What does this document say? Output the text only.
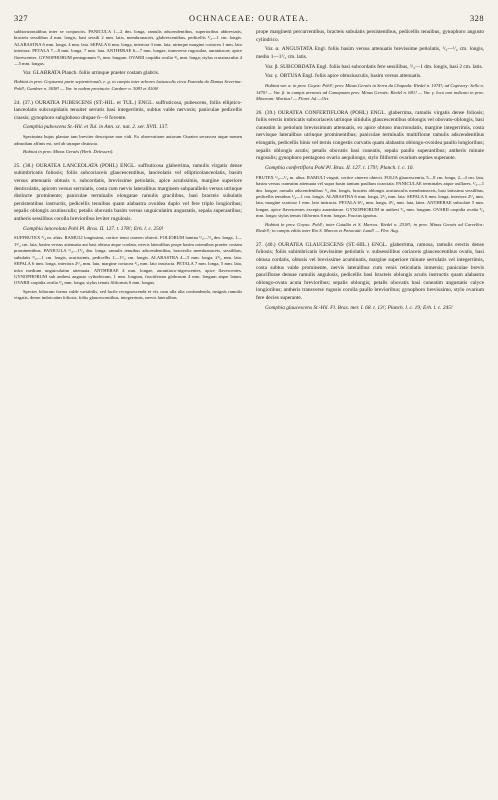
327	OCHNACEAE: OURATEA.	328

subhorizontalibus inter se conjunctis. PANICULA 1—2 dm. longa, ramulis adscendentibus, superioribus abbreviatis, bracteis sessilibus 4 mm. longis, basi sessili 2 mm. latis, membranaceis, glabrescentibus, pedicellis ¹/₂—1 cm. longis. ALABASTRA 6 mm. longa, 4 mm. lata. SEPALA 6 mm. longa, interiora 3 mm. lata, utrinque margine coriacea 1 mm. lato interiora. PETALA 7—8 mm. longa, 7 mm. lata. ANTHERAE 6—7 mm. longae, transverse rugosulae, aurantiacae, apice flavescentes. GYNOPHORUM pentagonum ⁴/₅ mm. longum. OVARII carpidia ovalia ⁴/₅ mm. longa; stylus crassiusculus 4—5 mm. longus.

Var. GLABRATA Planch. foliis utrinque praeter costam glabris.

Habitat in prov. Goyasensi parte septentrionali, e. g. in campis inter arbores laxiusculis circa Fazenda do Damas Severina: Pohl!; Gardner n. 3638! — Var. in eadem provincia: Gardner n. 3083 et 4106!

24. (37.) OURATEA PUBESCENS (ST.-HIL. et TUL.) ENGL. suffruticosa, pubescens, foliis elliptico-lanceolatis subcuspidatis tenuiter serratis basi integerrimis, subtus valde nervosis; paniculae pedicellis crassis; gynophoro subgloboso drupae 6—8 foventе.

Gomphia pubescens St.-Hil. et Tul. in Ann. sc. nat. 2. ser. XVII. 137.

Specimina hujus plantae tam breviter descriptae non vidi. Ex observatione autorum Ouratea serrascea atque nomen admodum affinis est, sed ab utraque distincta.

Habitat in prov. Minas Geraës (Herb. Delessert).

25. (38.) OURATEA LANCEOLATA (POHL) ENGL. suffruticosa glaberrima, ramulis virgatis dense subimbricatis foliosis; foliis subcoriaceis glaucescentibus, lanceolatis vel ellipticolanceolatis, basim versus attenuatis obtusis v. subcordatis, brevissime petiolatis, apice acutissimis, margine superiore denticulatis, apicem versus serrulatis, costa cum nervis lateralibus marginem subparallelis versus utrinque distincte prominente; paniculae terminalis elongatae ramulis gracilibus, basi bracteis subulatis persistentibus instructis, pedicellis tenuibus quam alabastra ovoidea duplo vel fere triplo longioribus; sepalis oblongis acutiusculis; petalis obovatis basim versus unguiculatim angustatis, sepala superantibus; antheris sessilibus corolla brevioribus leviter rugulosis.

Gomphia lanceolata Pohl Pl. Bras. II. 127. t. 178!; Erh. l. c. 250!

SUFFRUTEX ³/₄ m. altus. RAMULI longissimi, cortice tenui cinereo obtecti. FOLIORUM lamina ¹/₂—⁵/₄ dm. longa, 1—1³/₄ cm. lata, basim versus attenuata aut basi obtusa atque cordata, nervis lateralibus prope basim orientibus praeter costam prominentibus. PANICULA ¹/₄—1⁵/₄ dm. longa, ramulis tenuibus adscendentibus, bracteolis membranaceis, sessilibus, subulatis ¹/₂—1 cm. longis, acutissimis, pedicellis 1—1¹/₂ cm. longis. ALABASTRA 4—5 mm. longa, 2¹/₂ mm. lata. SEPALA 6 mm. longa, interiora 2¹/₂ mm. lata, margine coriacea ²/₃ mm. lato instructa. PETALA 7 mm. longa, 5 mm. lata, infra medium unguiculatim attenuata. ANTHERAE 4 mm. longae, aurantiaco-nigrescentes, apice flavescentes. GYNOPHORUM sub anthesi angusto cylindricum, 1 mm. longum, fructiferum globosum 4 mm. longum atque latum. OVARII carpidia ovalia ³/₄ mm. longa; stylus tenuis filiformis 6 mm. longus.

Species foliorum forma valde variabilis, sed facile recognoscenda et vix cum ulla alia confundenda, insignis ramulis virgatis, dense imbricatim foliosis, foliis glaucescentibus, integerrimis, nervis lateralibus

prope marginem percurrentibus, bracteis subulatis persistentibus, pedicellis tenuibus, gynophoro angusto cylindrico.

Var. α. ANGUSTATA Engl. foliis basim versus attenuatis brevissime petiolatis, ¹/₂—¹/₄ cm. longis, medio 1—1¹/₂ cm. latis.

Var. β. SUBCORDATA Engl. foliis basi subcordatis fere sessilibus, ³/₄—1 dm. longis, basi 2 cm. latis.

Var. γ. OBTUSA Engl. foliis apice obtusiusculis, basim versus attenuatis.

Habitat var. α. in prov. Goyas: Pohl!; prov. Minas Geraës in Serra da Chapada: Riedel n. 1074!; ad Capivary: Sello n. 1470! — Var. β. in campis arenosis ad Camapuam prov. Minas Geraës: Riedel n. 681! — Var. γ. loco non indicato in prov. Minarum: Martius! — Floret Jul.—Oct.

26. (39.) OURATEA CONFERTIFLORA (POHL) ENGL. glaberrima, ramulis virgatis dense foliosis; foliis erectis imbricatis subcoriaceis utrinque nitidulis glaucescentibus oblongis vel obovato-oblongis, basi cuneatim in petiolum brevissimum attenuatis, ex apice obtuso mucronulatis, margine integerrimis, costa nervisque lateralibus utrinque prominentibus; paniculae terminalis multiflorae ramulis adscendentibus elongatis, pedicellis binis vel ternis congestis curvatis quam alabastra oblongo-ovoidea paullo longioribus; sepalis oblongis acutis; petalis obovatis basi cuneatis, sepala paullo superantibus; antheris minute rugosulis; gynophoro pentagono ovario aequilongo, stylo filiformi ovarium septies superante.

Gomphia confertiflora Pohl Pl. Bras. II. 127. t. 179!; Planch. l. c. 16.

FRUTEX ¹/₂—¹/₂ m. altus. RAMULI virgati, cortice cinereo obtecti. FOLIA glaucescentia, 5—8 cm. longa, 2—4 cm. lata, basim versus cuneatim attenuata vel supra basin tantum paullum coarctata. PANICULAE terminales atque axillares, ¹/₂—1 dm. longae, ramulis adscendentibus ¹/₄ dm. longis, bracteis oblongis acutiusculis membranaceis, basi latissima sessilibus, pedicellis tenuibus ¹/₄—1 cm. longis. ALABASTRA 6 mm. longa, 2¹/₂ mm. lata. SEPALA 6 mm. longa, interiora 2¹/₂ mm. lata, margine scarioso 1 mm. lato instructa. PETALA 6¹/₂ mm. longa, 4¹/₂ mm. lata, latea. ANTHERAE subsolate 5 mm. longae, apice flavescentes excepto aurantiacae. GYNOPHORUM in anthesi ³/₄ mm. longum. OVARII carpidia ovalia ³/₄ mm. longa; stylus tenuis filiformis 6 mm. longus. Fructus ignotus.

Habitat in prov. Goyas: Pohl!; inter Catalão et S. Marcos: Riedel n. 2518!; in prov. Minas Geraës ad Curvellos: Riedel!; in campis editis inter Rio S. Marcos et Paracatú: Lund! — Flor. Aug.

27. (40.) OURATEA GLAUCESCENS (ST.-HIL.) ENGL. glaberrima, ramosa, ramulis erectis dense foliosis; foliis subimbricatis brevissime petiolatis v. subsessilibus coriaceis glaucescentibus ovatis, basi obtusa cordatis, obtusis vel brevissime acuminatis, margine superiore minute serrulatis vel integerrimis, costa subtus valde prominente, nervis lateralibus cum venis reticulatis inmersis; paniculae brevis pauciflorae densae ramulis angulosis, pedicellis basi bracteis oblongis acutis instructis quam alabastra oblongo-ovata acuta brevioribus; sepalis oblongis; petalis obovatis basi cuneatim angustatis calyce longioribus; antheris transverse rugosis corolla paullo brevioribus; gynophoro breviusimo, stylo ovarium fere decies superante.

Gomphia glaucescens St.-Hil. Fl. Bras. mer. I. 68. t. 13!; Planch. l. c. 19; Erh. l. c. 245!
